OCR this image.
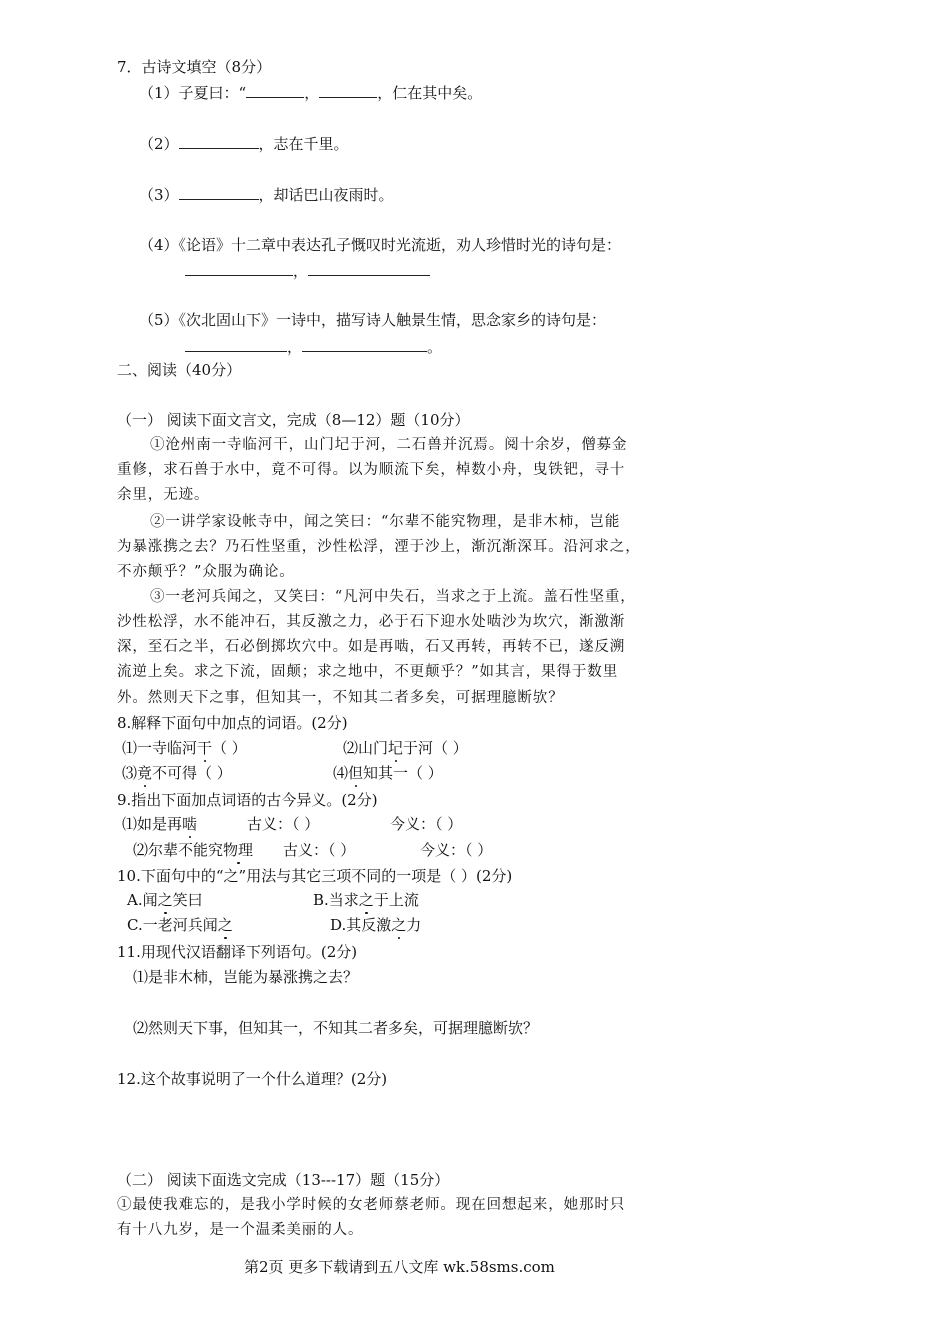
7．古诗文填空（8分）
（1）子夏曰：“	，	，仁在其中矣。
（2）	，志在千里。
（3）	，却话巴山夜雨时。
（4）《论语》十二章中表达孔子慨叹时光流逝，劝人珍惜时光的诗句是：
，
（5）《次北固山下》一诗中，描写诗人触景生情，思念家乡的诗句是：
，	。
二、阅读（40分）
（一） 阅读下面文言文，完成（8—12）题（10分）
①沧州南一寺临河干，山门圮于河，二石兽并沉焉。阅十余岁，僧募金
重修，求石兽于水中，竟不可得。以为顺流下矣，棹数小舟，曳铁钯，寻十
余里，无迹。
②一讲学家设帐寺中，闻之笑曰：“尔辈不能究物理，是非木柿，岂能
为暴涨携之去？乃石性坚重，沙性松浮，湮于沙上，渐沉渐深耳。沿河求之，
不亦颠乎？”众服为确论。
③一老河兵闻之，又笑曰：“凡河中失石，当求之于上流。盖石性坚重，
沙性松浮，水不能冲石，其反激之力，必于石下迎水处啮沙为坎穴，渐激渐
深，至石之半，石必倒掷坎穴中。如是再啮，石又再转，再转不已，遂反溯
流逆上矣。求之下流，固颠；求之地中，不更颠乎？”如其言，果得于数里
外。然则天下之事，但知其一，不知其二者多矣，可据理臆断欤？
8.解释下面句中加点的词语。(2分)
⑴一寺临河干（ ）	⑵山门圮于河（ ）
⑶竟不可得（ ）	⑷但知其一（ ）
9.指出下面加点词语的古今异义。(2分)
⑴如是再啮	古义：（ ）	今义：（ ）
⑵尔辈不能究物理 古义：（ ）	今义：（ ）
10.下面句中的“之”用法与其它三项不同的一项是（ ）(2分)
A.闻之笑曰	B.当求之于上流
C.一老河兵闻之	D.其反激之力
11.用现代汉语翻译下列语句。(2分)
⑴是非木柿，岂能为暴涨携之去？
⑵然则天下事，但知其一，不知其二者多矣，可据理臆断欤？
12.这个故事说明了一个什么道理？(2分)
（二） 阅读下面选文完成（13---17）题（15分）
①最使我难忘的，是我小学时候的女老师蔡老师。现在回想起来，她那时只
有十八九岁，是一个温柔美丽的人。
第2页 更多下载请到五八文库 wk.58sms.com
